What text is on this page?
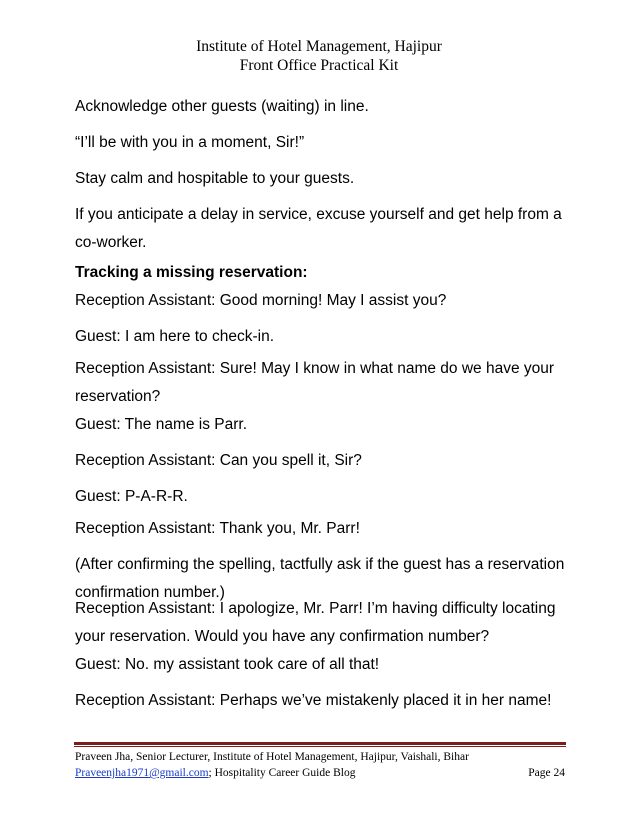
Institute of Hotel Management, Hajipur
Front Office Practical Kit
Acknowledge other guests (waiting) in line.
“I’ll be with you in a moment, Sir!”
Stay calm and hospitable to your guests.
If you anticipate a delay in service, excuse yourself and get help from a co-worker.
Tracking a missing reservation:
Reception Assistant: Good morning! May I assist you?
Guest: I am here to check-in.
Reception Assistant: Sure! May I know in what name do we have your reservation?
Guest: The name is Parr.
Reception Assistant: Can you spell it, Sir?
Guest: P-A-R-R.
Reception Assistant: Thank you, Mr. Parr!
(After confirming the spelling, tactfully ask if the guest has a reservation confirmation number.)
Reception Assistant: I apologize, Mr. Parr! I’m having difficulty locating your reservation. Would you have any confirmation number?
Guest: No. my assistant took care of all that!
Reception Assistant: Perhaps we’ve mistakenly placed it in her name!
Praveen Jha, Senior Lecturer, Institute of Hotel Management, Hajipur, Vaishali, Bihar
Praveenjha1971@gmail.com; Hospitality Career Guide Blog	Page 24
